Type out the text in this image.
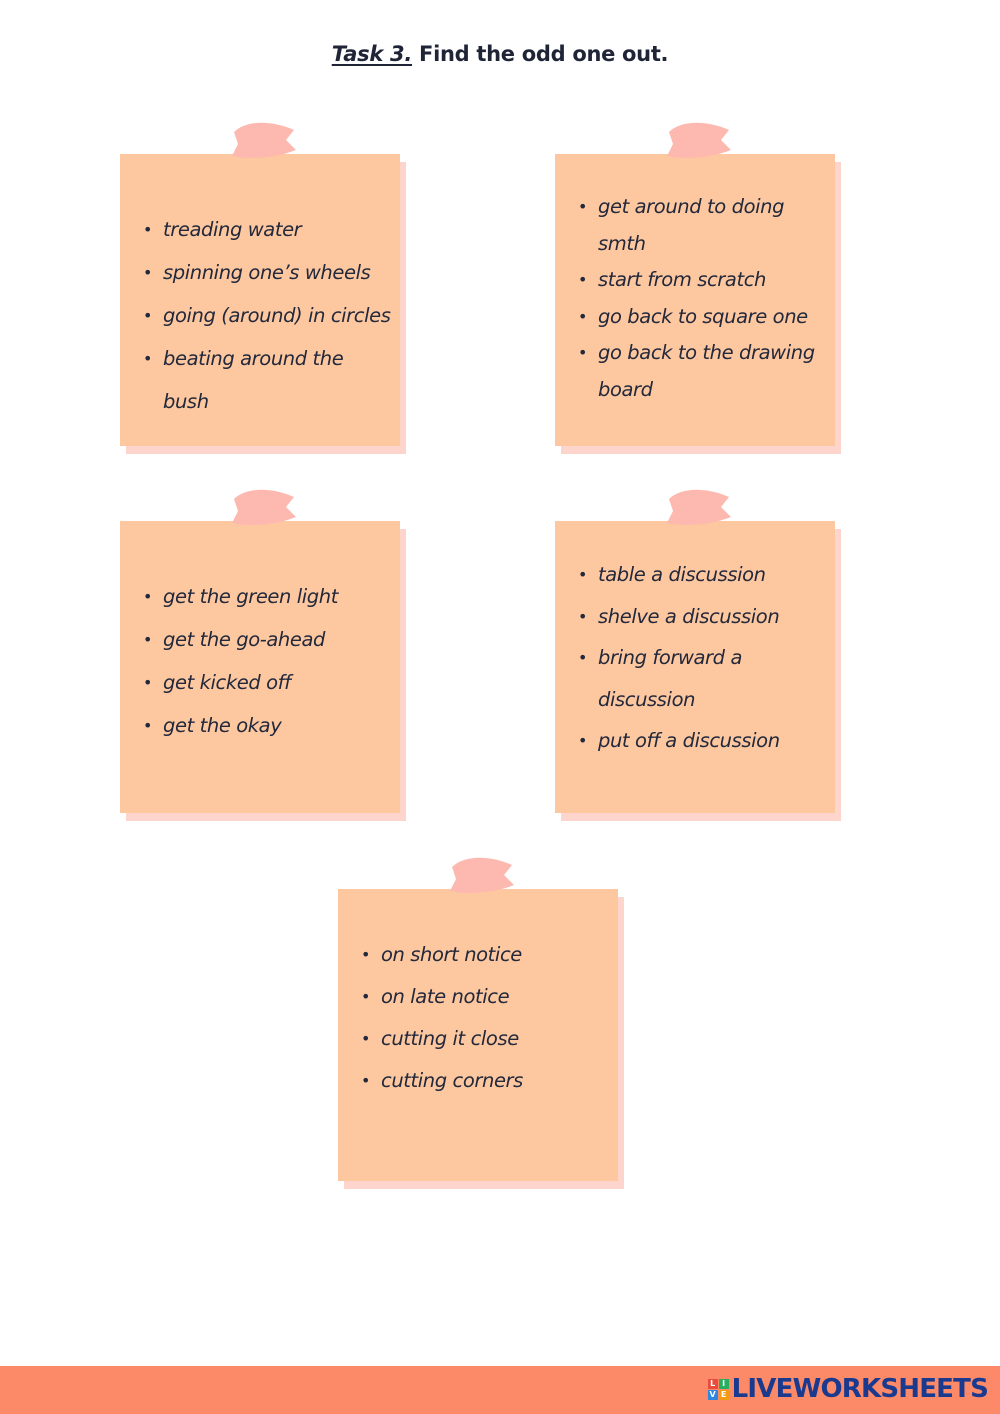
Task 3. Find the odd one out.
• treading water
• spinning one’s wheels
• going (around) in circles
• beating around the bush
• get around to doing smth
• start from scratch
• go back to square one
• go back to the drawing board
• get the green light
• get the go-ahead
• get kicked off
• get the okay
• table a discussion
• shelve a discussion
• bring forward a discussion
• put off a discussion
• on short notice
• on late notice
• cutting it close
• cutting corners
L I
V E LIVEWORKSHEETS
